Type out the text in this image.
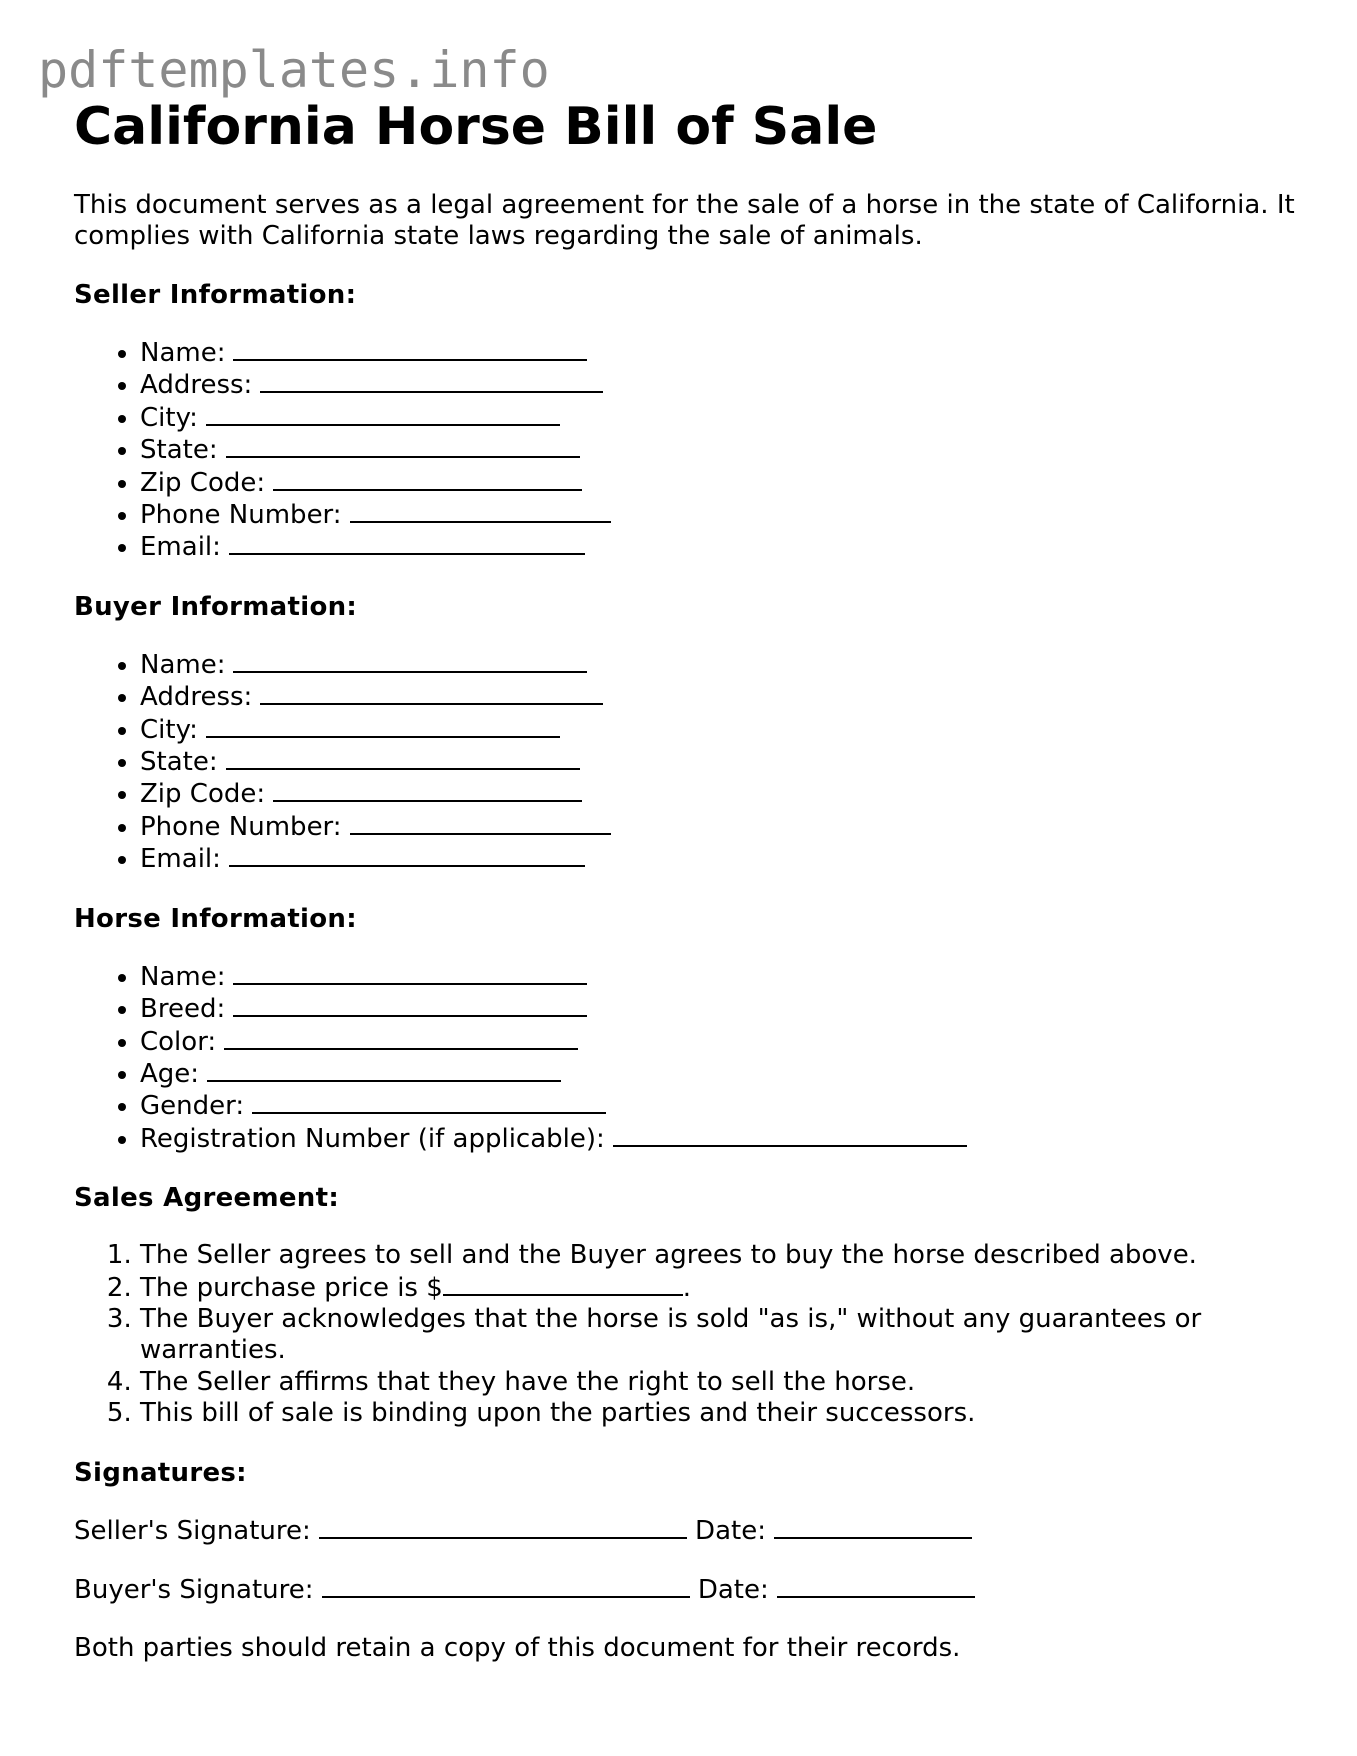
pdftemplates.info
California Horse Bill of Sale

This document serves as a legal agreement for the sale of a horse in the state of California. It complies with California state laws regarding the sale of animals.

Seller Information:
• Name:
• Address:
• City:
• State:
• Zip Code:
• Phone Number:
• Email:
Buyer Information:
• Name:
• Address:
• City:
• State:
• Zip Code:
• Phone Number:
• Email:
Horse Information:
• Name:
• Breed:
• Color:
• Age:
• Gender:
• Registration Number (if applicable):
Sales Agreement:
1. The Seller agrees to sell and the Buyer agrees to buy the horse described above.
2. The purchase price is $	.
3. The Buyer acknowledges that the horse is sold "as is," without any guarantees or warranties.
4. The Seller affirms that they have the right to sell the horse.
5. This bill of sale is binding upon the parties and their successors.
Signatures:

Seller's Signature:	Date:

Buyer's Signature:	Date:

Both parties should retain a copy of this document for their records.
